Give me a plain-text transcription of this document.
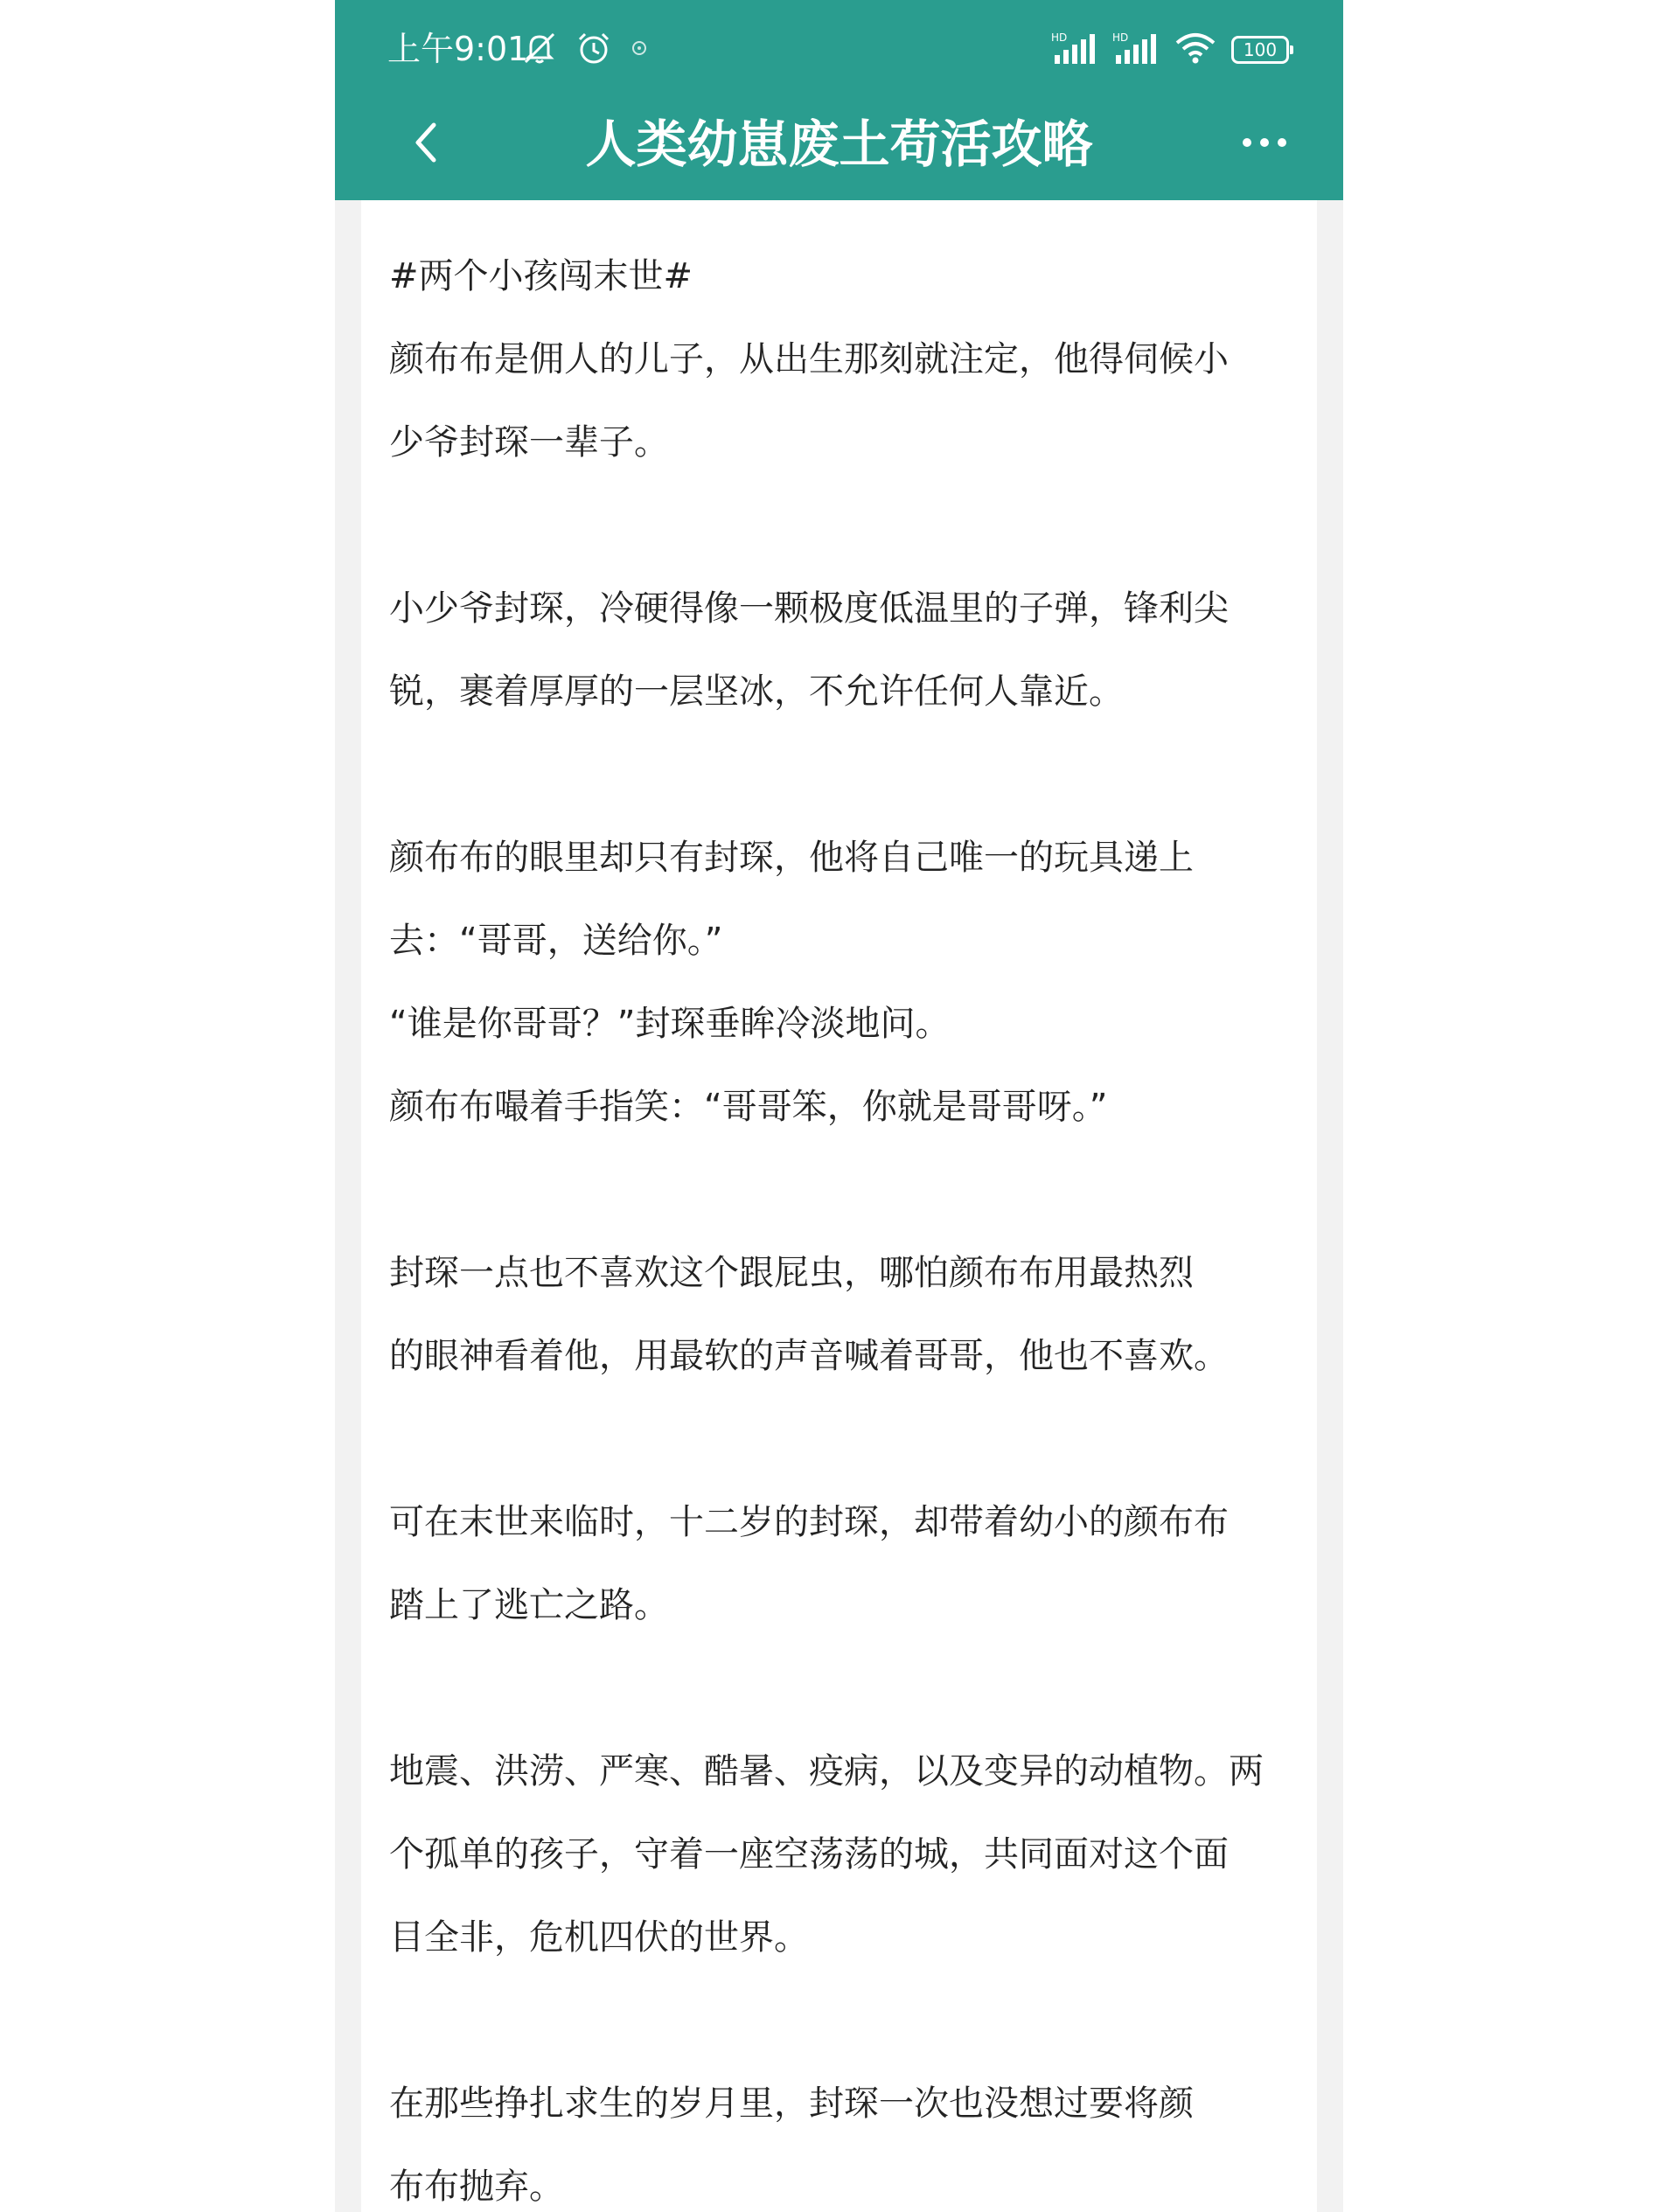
上午9:01	HD	HD
100
人类幼崽废土苟活攻略

#两个小孩闯末世#

颜布布是佣人的儿子，从出生那刻就注定，他得伺候小

少爷封琛一辈子。

小少爷封琛，冷硬得像一颗极度低温里的子弹，锋利尖

锐，裹着厚厚的一层坚冰，不允许任何人靠近。

颜布布的眼里却只有封琛，他将自己唯一的玩具递上

去：“哥哥，送给你。”

“谁是你哥哥？”封琛垂眸冷淡地问。

颜布布嘬着手指笑：“哥哥笨，你就是哥哥呀。”

封琛一点也不喜欢这个跟屁虫，哪怕颜布布用最热烈

的眼神看着他，用最软的声音喊着哥哥，他也不喜欢。

可在末世来临时，十二岁的封琛，却带着幼小的颜布布

踏上了逃亡之路。

地震、洪涝、严寒、酷暑、疫病，以及变异的动植物。两

个孤单的孩子，守着一座空荡荡的城，共同面对这个面

目全非，危机四伏的世界。

在那些挣扎求生的岁月里，封琛一次也没想过要将颜

布布抛弃。
